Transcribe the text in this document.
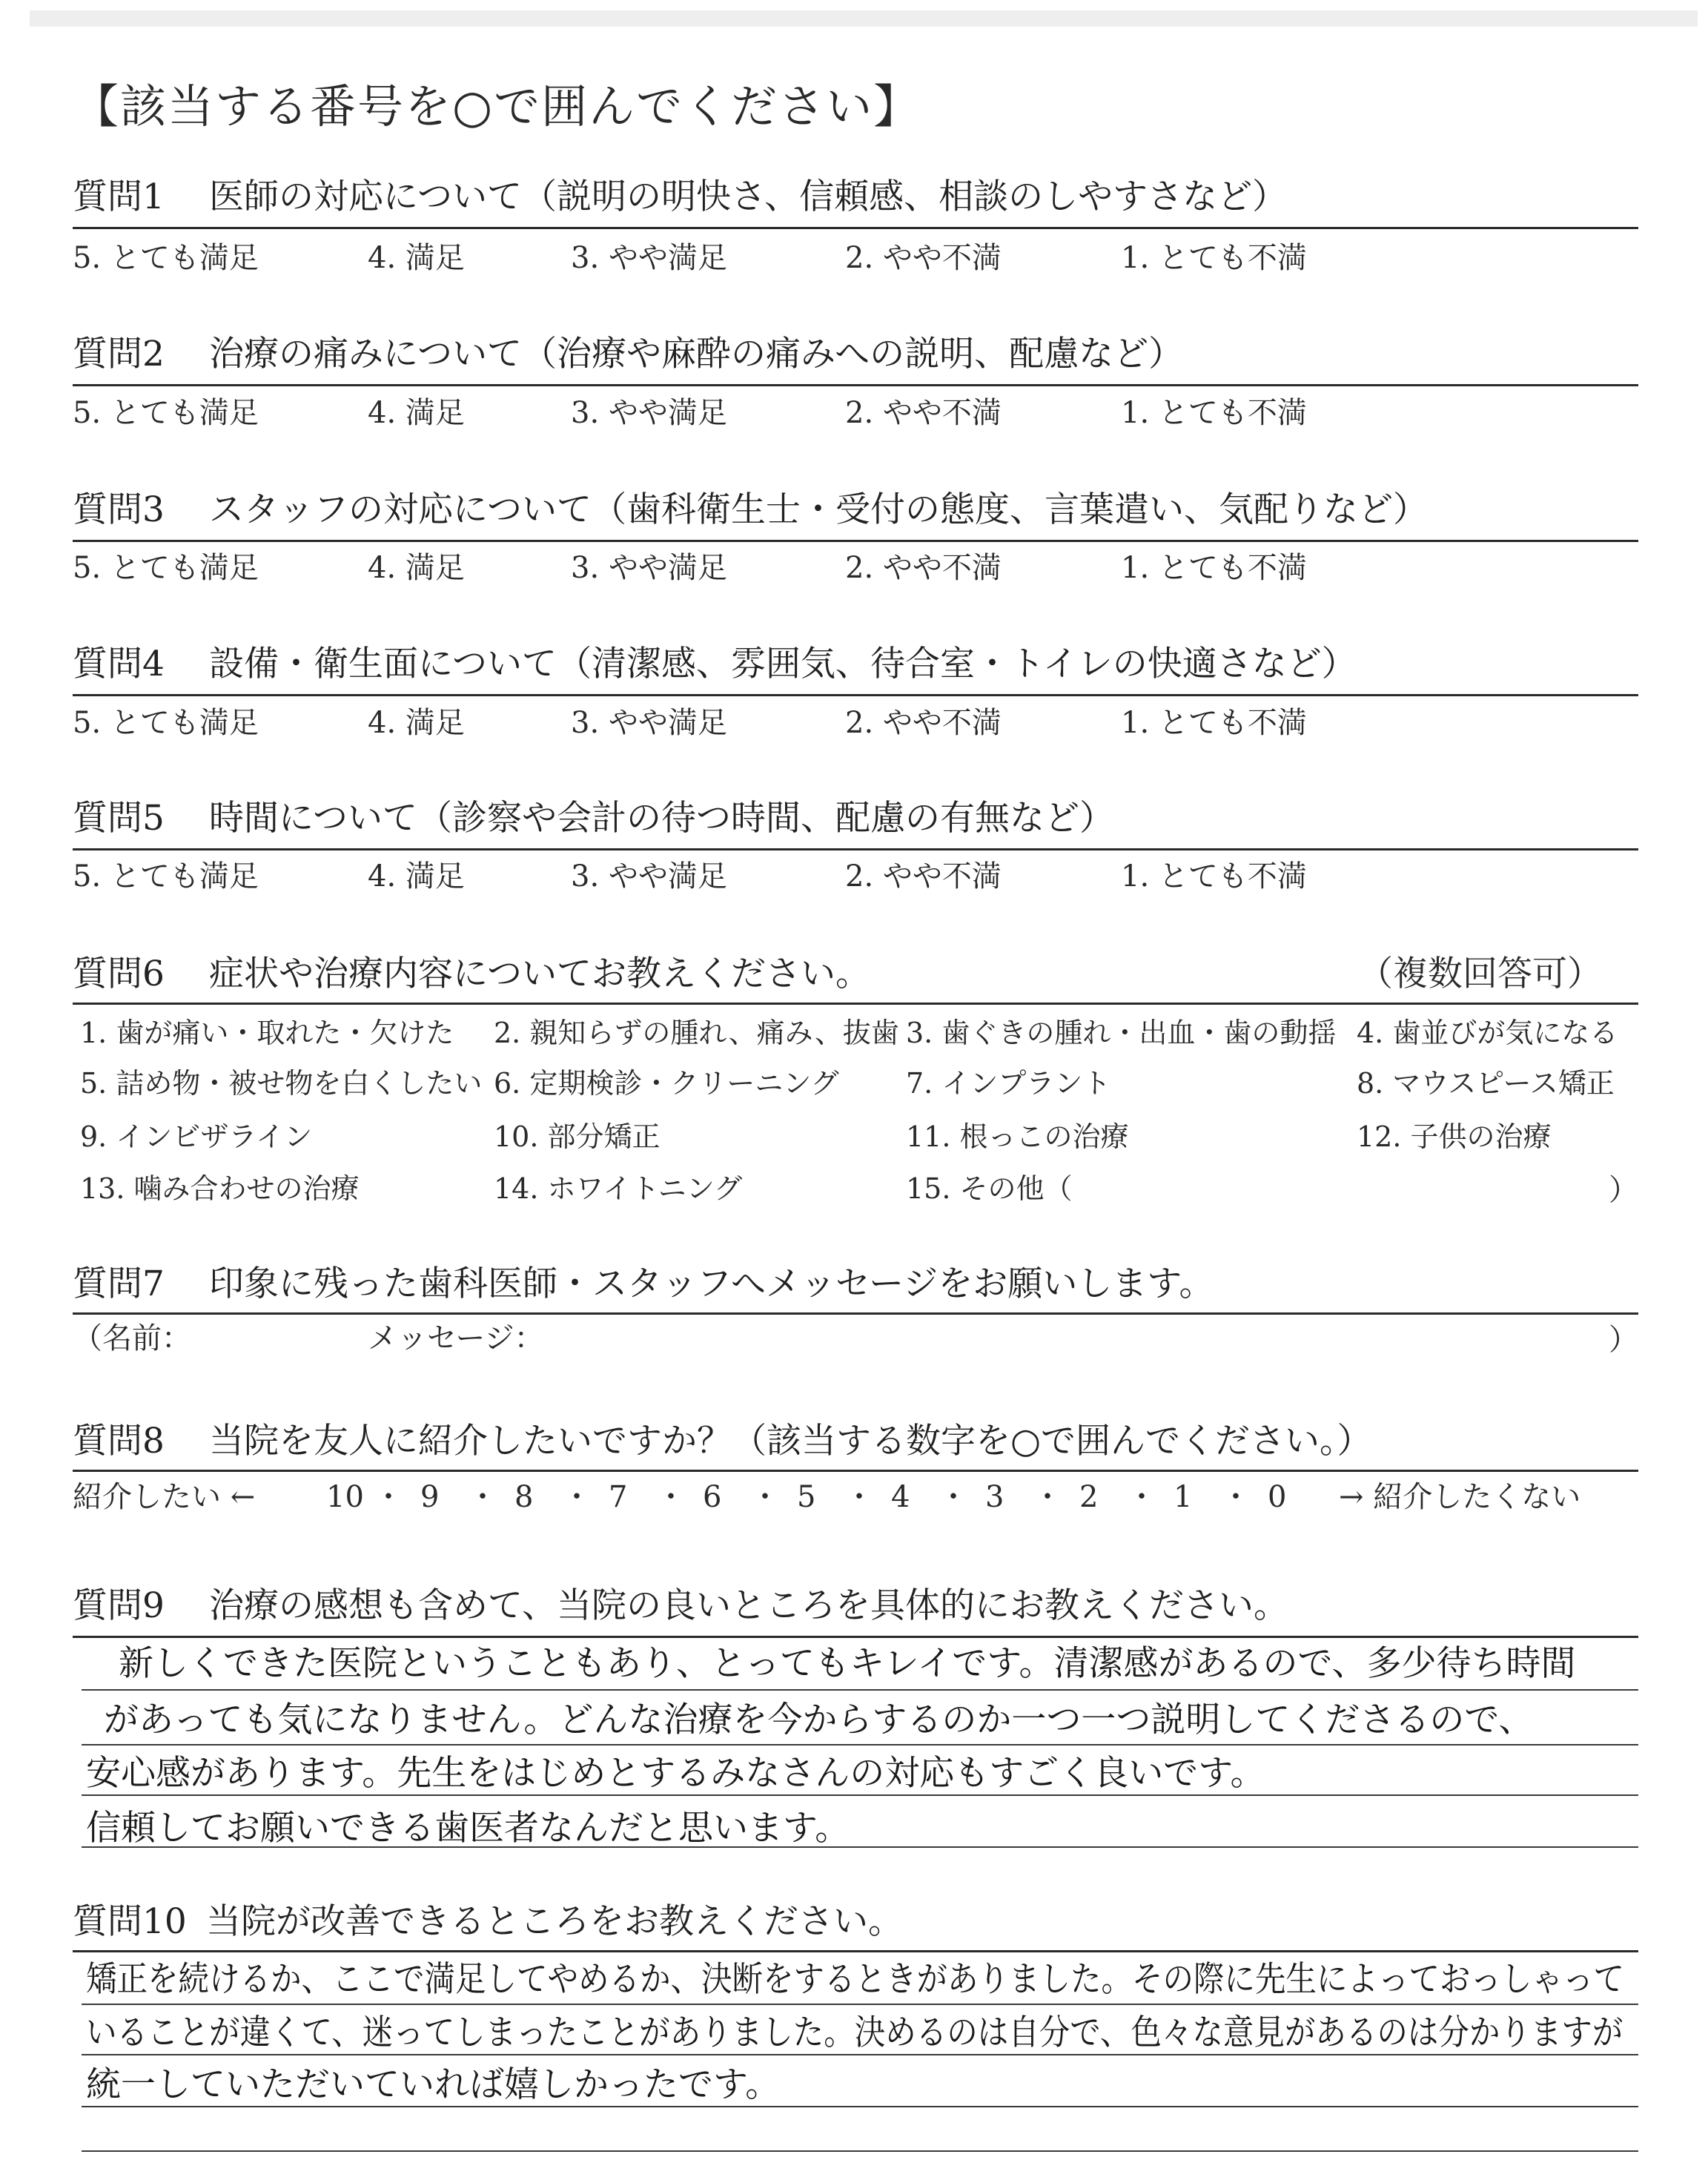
【該当する番号を○で囲んでください】
質問1 医師の対応について（説明の明快さ、信頼感、相談のしやすさなど）
5. とても満足	4. 満足	3. やや満足	2. やや不満	1. とても不満
質問2 治療の痛みについて（治療や麻酔の痛みへの説明、配慮など）
5. とても満足	4. 満足	3. やや満足	2. やや不満	1. とても不満
質問3 スタッフの対応について（歯科衛生士・受付の態度、言葉遣い、気配りなど）
5. とても満足	4. 満足	3. やや満足	2. やや不満	1. とても不満
質問4 設備・衛生面について（清潔感、雰囲気、待合室・トイレの快適さなど）
5. とても満足	4. 満足	3. やや満足	2. やや不満	1. とても不満
質問5 時間について（診察や会計の待つ時間、配慮の有無など）
5. とても満足	4. 満足	3. やや満足	2. やや不満	1. とても不満
質問6 症状や治療内容についてお教えください。	（複数回答可）
1. 歯が痛い・取れた・欠けた 2. 親知らずの腫れ、痛み、抜歯 3. 歯ぐきの腫れ・出血・歯の動揺 4. 歯並びが気になる
5. 詰め物・被せ物を白くしたい 6. 定期検診・クリーニング 7. インプラント	8. マウスピース矯正
9. インビザライン	10. 部分矯正	11. 根っこの治療	12. 子供の治療
13. 噛み合わせの治療	14. ホワイトニング	15. その他（	）
質問7 印象に残った歯科医師・スタッフへメッセージをお願いします。
（名前：	メッセージ：	）
質問8 当院を友人に紹介したいですか？（該当する数字を○で囲んでください。）
紹介したい ← 10 ・ 9 ・ 8 ・ 7 ・ 6 ・ 5 ・ 4 ・ 3 ・ 2 ・ 1 ・ 0 → 紹介したくない
質問9 治療の感想も含めて、当院の良いところを具体的にお教えください。
新しくできた医院ということもあり、とってもキレイです。清潔感があるので、多少待ち時間
があっても気になりません。どんな治療を今からするのか一つ一つ説明してくださるので、
安心感があります。先生をはじめとするみなさんの対応もすごく良いです。
信頼してお願いできる歯医者なんだと思います。
質問10 当院が改善できるところをお教えください。
矯正を続けるか、ここで満足してやめるか、決断をするときがありました。その際に先生によっておっしゃって
いることが違くて、迷ってしまったことがありました。決めるのは自分で、色々な意見があるのは分かりますが
統一していただいていれば嬉しかったです。
